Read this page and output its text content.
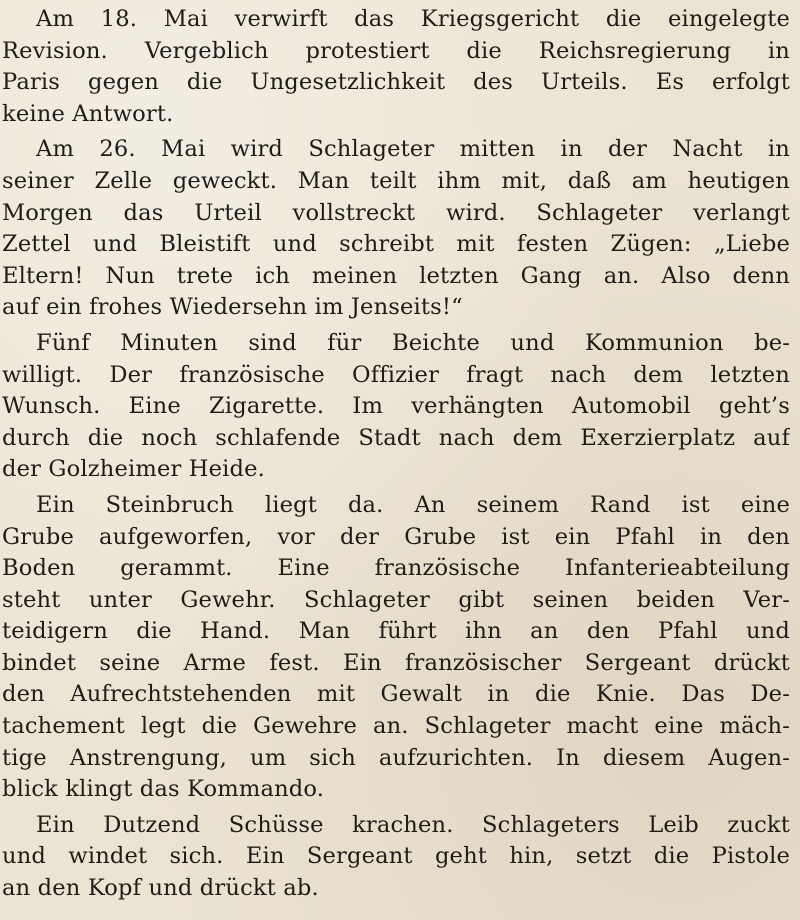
Am 18. Mai verwirft das Kriegsgericht die eingelegte
Revision. Vergeblich protestiert die Reichsregierung in
Paris gegen die Ungesetzlichkeit des Urteils. Es erfolgt
keine Antwort.
Am 26. Mai wird Schlageter mitten in der Nacht in
seiner Zelle geweckt. Man teilt ihm mit, daß am heutigen
Morgen das Urteil vollstreckt wird. Schlageter verlangt
Zettel und Bleistift und schreibt mit festen Zügen: „Liebe
Eltern! Nun trete ich meinen letzten Gang an. Also denn
auf ein frohes Wiedersehn im Jenseits!“
Fünf Minuten sind für Beichte und Kommunion be-
willigt. Der französische Offizier fragt nach dem letzten
Wunsch. Eine Zigarette. Im verhängten Automobil geht’s
durch die noch schlafende Stadt nach dem Exerzierplatz auf
der Golzheimer Heide.
Ein Steinbruch liegt da. An seinem Rand ist eine
Grube aufgeworfen, vor der Grube ist ein Pfahl in den
Boden gerammt. Eine französische Infanterieabteilung
steht unter Gewehr. Schlageter gibt seinen beiden Ver-
teidigern die Hand. Man führt ihn an den Pfahl und
bindet seine Arme fest. Ein französischer Sergeant drückt
den Aufrechtstehenden mit Gewalt in die Knie. Das De-
tachement legt die Gewehre an. Schlageter macht eine mäch-
tige Anstrengung, um sich aufzurichten. In diesem Augen-
blick klingt das Kommando.
Ein Dutzend Schüsse krachen. Schlageters Leib zuckt
und windet sich. Ein Sergeant geht hin, setzt die Pistole
an den Kopf und drückt ab.
